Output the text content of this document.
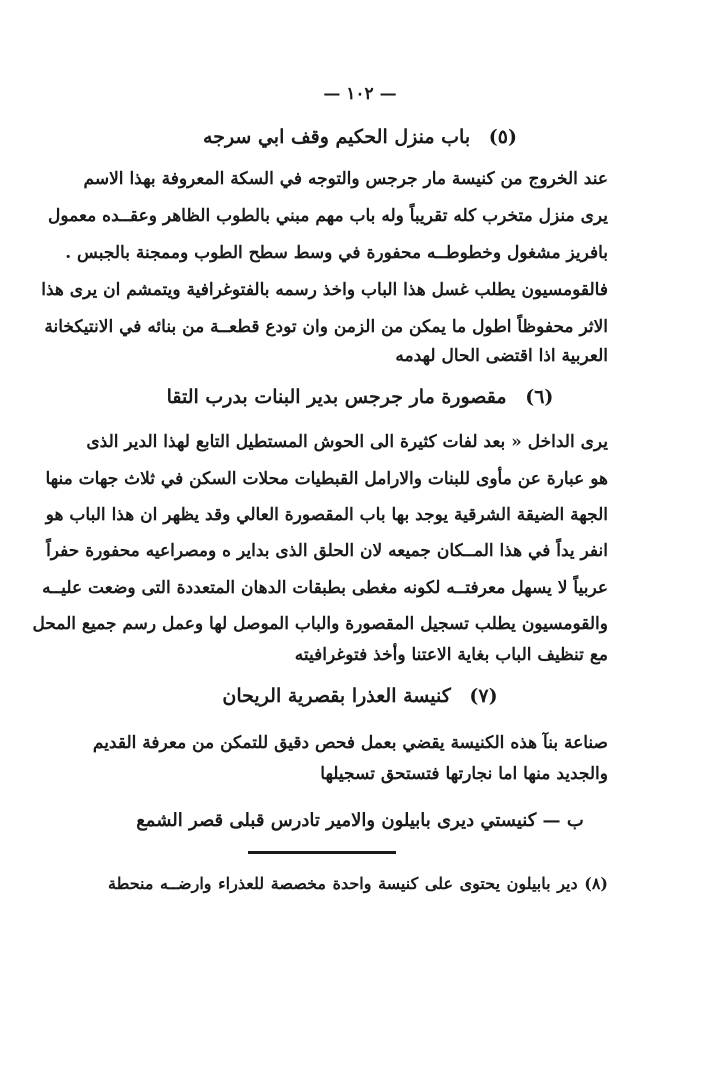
— ١٠٢ —
(٥) باب منزل الحكيم وقف ابي سرجه
عند الخروج من كنيسة مار جرجس والتوجه في السكة المعروفة بهذا الاسم
يرى منزل متخرب كله تقريباً وله باب مهم مبني بالطوب الظاهر وعقــده معمول
بافريز مشغول وخطوطــه محفورة في وسط سطح الطوب وممجنة بالجبس .
فالقومسيون يطلب غسل هذا الباب واخذ رسمه بالفتوغرافية ويتمشم ان يرى هذا
الاثر محفوظاً اطول ما يمكن من الزمن وان تودع قطعــة من بنائه في الانتيكخانة
العربية اذا اقتضى الحال لهدمه
(٦) مقصورة مار جرجس بدير البنات بدرب التقا
يرى الداخل « بعد لفات كثيرة الى الحوش المستطيل التابع لهذا الدير الذى
هو عبارة عن مأوى للبنات والارامل القبطيات محلات السكن في ثلاث جهات منها
الجهة الضيقة الشرقية يوجد بها باب المقصورة العالي وقد يظهر ان هذا الباب هو
انفر يداً في هذا المــكان جميعه لان الحلق الذى بداير ه ومصراعيه محفورة حفراً
عربياً لا يسهل معرفتــه لكونه مغطى بطبقات الدهان المتعددة التى وضعت عليــه
والقومسيون يطلب تسجيل المقصورة والباب الموصل لها وعمل رسم جميع المحل
مع تنظيف الباب بغاية الاعتنا وأخذ فتوغرافيته
(٧) كنيسة العذرا بقصرية الريحان
صناعة بنآ هذه الكنيسة يقضي بعمل فحص دقيق للتمكن من معرفة القديم
والجديد منها اما نجارتها فتستحق تسجيلها
ب — كنيستي ديرى بابيلون والامير تادرس قبلى قصر الشمع
(٨) دير بابيلون يحتوى على كنيسة واحدة مخصصة للعذراء وارضــه منحطة
